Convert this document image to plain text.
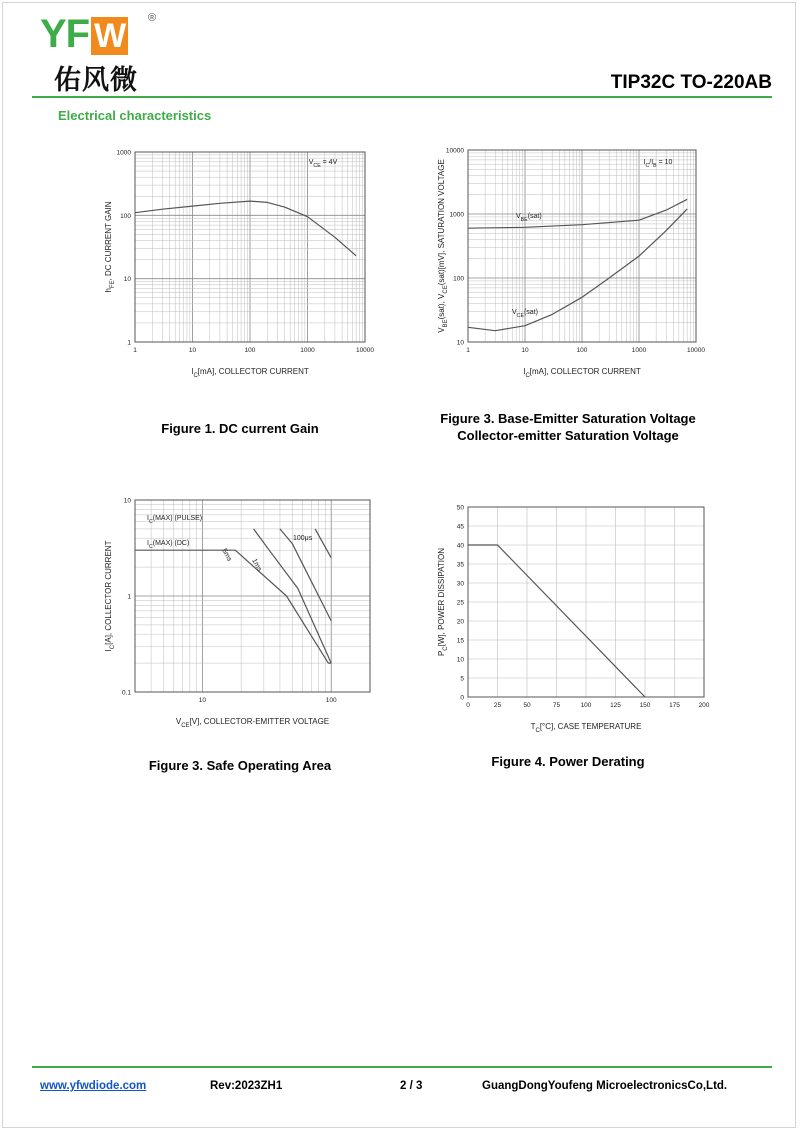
YF W ®
佑风微	TIP32C TO-220AB
Electrical characteristics
1	10	100	1000	10000
1
10
100
1000
$I_C[mA]$, COLLECTOR CURRENT
$h_{FE}$, DC CURRENT GAIN
$V_{CE} = 4V$
Figure 1. DC current Gain
1	10	100	1000	10000
10
100
1000
10000
$I_C[mA]$, COLLECTOR CURRENT
$V_{BE}(sat)$, $V_{CE}(sat)[mV]$, SATURATION VOLTAGE	$I_C/I_B = 10$
$V_{BE}(sat)$
$V_{CE}(sat)$
Figure 3. Base-Emitter Saturation Voltage
Collector-emitter Saturation Voltage
10	100
0.1
1
10
$V_{CE}[V]$, COLLECTOR-EMITTER VOLTAGE
$I_C[A]$, COLLECTOR CURRENT
$I_C(MAX)$ (PULSE)
$I_C(MAX)$ (DC)
100μs
5ms
1ms
Figure 3. Safe Operating Area
0	25	50	75	100	125	150	175	200
0
5
10
15
20
25
30
35
40
45
50
$T_C[^\circ C]$, CASE TEMPERATURE
$P_C[W]$, POWER DISSIPATION
Figure 4. Power Derating
www.yfwdiode.com	Rev:2023ZH1	2 / 3	GuangDongYoufeng MicroelectronicsCo,Ltd.
